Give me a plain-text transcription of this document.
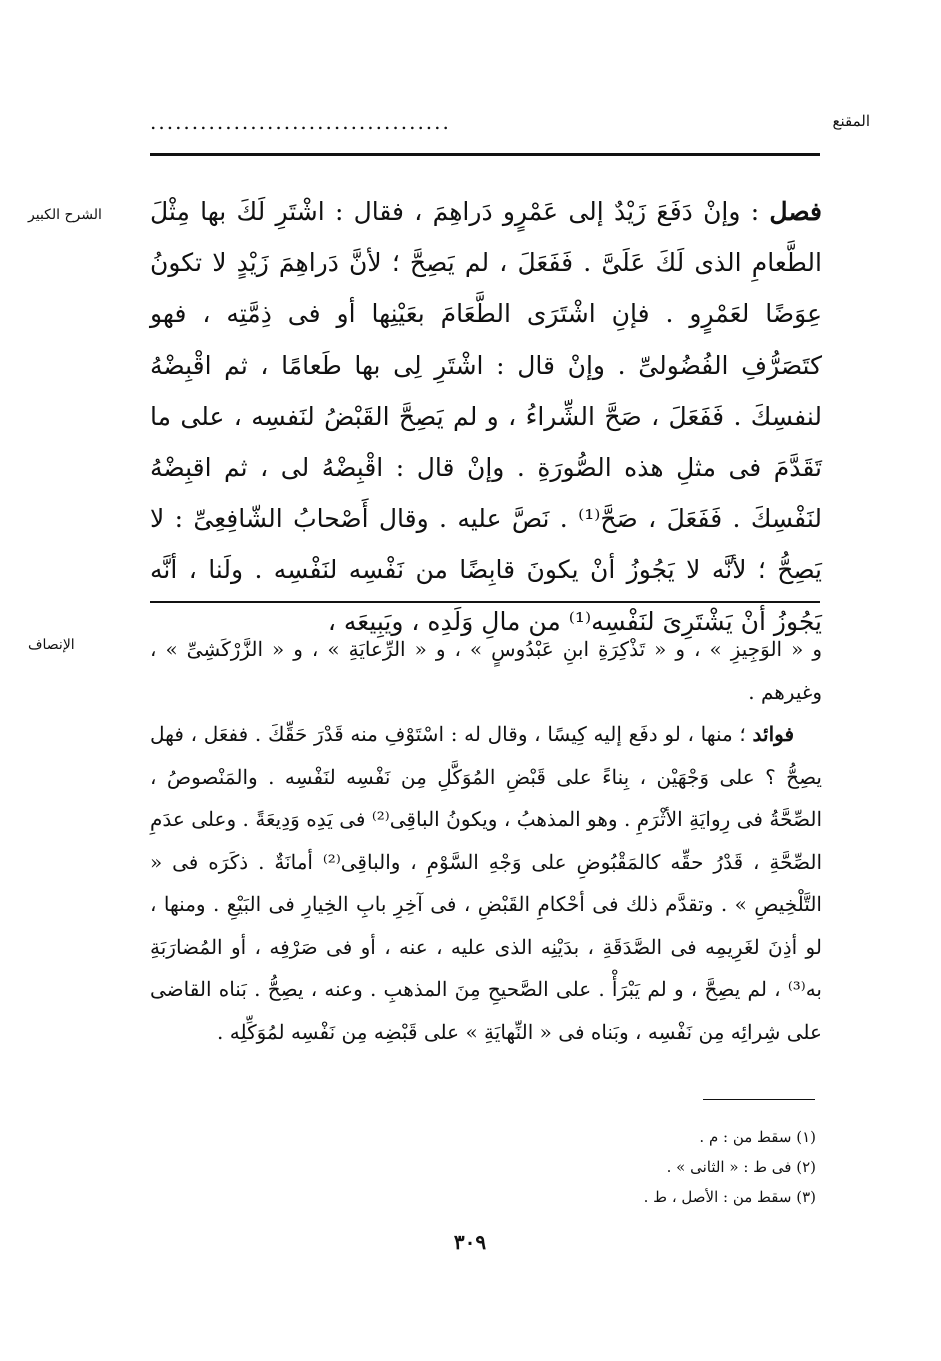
المقنع
....................................
الشرح الكبير	فصل : وإنْ دَفَعَ زَيْدٌ إلى عَمْرٍو دَراهِمَ ، فقال : اشْتَرِ لَكَ بها مِثْلَ الطَّعامِ الذى لَكَ عَلَىَّ . فَفَعَلَ ، لم يَصِحَّ ؛ لأنَّ دَراهِمَ زَيْدٍ لا تكونُ عِوَضًا لعَمْرٍو . فإنِ اشْتَرَى الطَّعَامَ بعَيْنِها أو فى ذِمَّتِه ، فهو كتَصَرُّفِ الفُضُولىِّ . وإنْ قال : اشْتَرِ لِى بها طَعامًا ، ثم اقْبِضْهُ لنفسِكَ . فَفَعَلَ ، صَحَّ الشِّراءُ ، و لم يَصِحَّ القَبْضُ لنَفسِه ، على ما تَقَدَّمَ فى مثلِ هذه الصُّورَةِ . وإنْ قال : اقْبِضْهُ لى ، ثم اقبِضْهُ لنَفْسِكَ . فَفَعَلَ ، صَحَّ⁽¹⁾ . نَصَّ عليه . وقال أَصْحابُ الشّافِعِىِّ : لا يَصِحُّ ؛ لأنَّه لا يَجُوزُ أنْ يكونَ قابِضًا من نَفْسِه لنَفْسِه . ولَنا ، أنَّه يَجُوزُ أنْ يَشْتَرِىَ لنَفْسِه⁽¹⁾ من مالِ وَلَدِه ، ويَبِيعَه ،

الإنصاف	و « الوَجِيزِ » ، و « تَذْكِرَةِ ابنِ عَبْدُوسٍ » ، و « الرِّعايَةِ » ، و « الزَّرْكَشِىِّ » ، وغيرهم .

فوائد ؛ منها ، لو دفَع إليه كِيسًا ، وقال له : اسْتَوْفِ منه قَدْرَ حَقِّكَ . ففعَل ، فهل يصِحُّ ؟ على وَجْهَيْن ، بِناءً على قَبْضِ المُوَكَّلِ مِن نَفْسِه لنَفْسِه . والمَنْصوصُ ، الصِّحَّةُ فى رِوايَةِ الأثْرَمِ . وهو المذهبُ ، ويكونُ الباقِى⁽²⁾ فى يَدِه وَدِيعَةً . وعلى عدَمِ الصِّحَّةِ ، قَدْرُ حقِّه كالمَقْبُوضِ على وَجْهِ السَّوْمِ ، والباقِى⁽²⁾ أمانَةٌ . ذكَرَه فى « التَّلْخِيصِ » . وتقدَّم ذلك فى أحْكامِ القَبْضِ ، فى آخِرِ بابِ الخِيارِ فى البَيْعِ . ومنها ، لو أذِنَ لغَرِيمِه فى الصَّدَقَةِ ، بدَيْنِه الذى عليه ، عنه ، أو فى صَرْفِه ، أو المُضارَبَةِ به⁽³⁾ ، لم يصِحَّ ، و لم يَبْرَأْ . على الصَّحيحِ مِنَ المذهبِ . وعنه ، يصِحُّ . بَناه القاضى على شِرائِه مِن نَفْسِه ، وبَناه فى « النِّهايَةِ » على قَبْضِه مِن نَفْسِه لمُوَكِّلِه .

(١) سقط من : م .
(٢) فى ط : « الثانى » .
(٣) سقط من : الأصل ، ط .
٣٠٩
